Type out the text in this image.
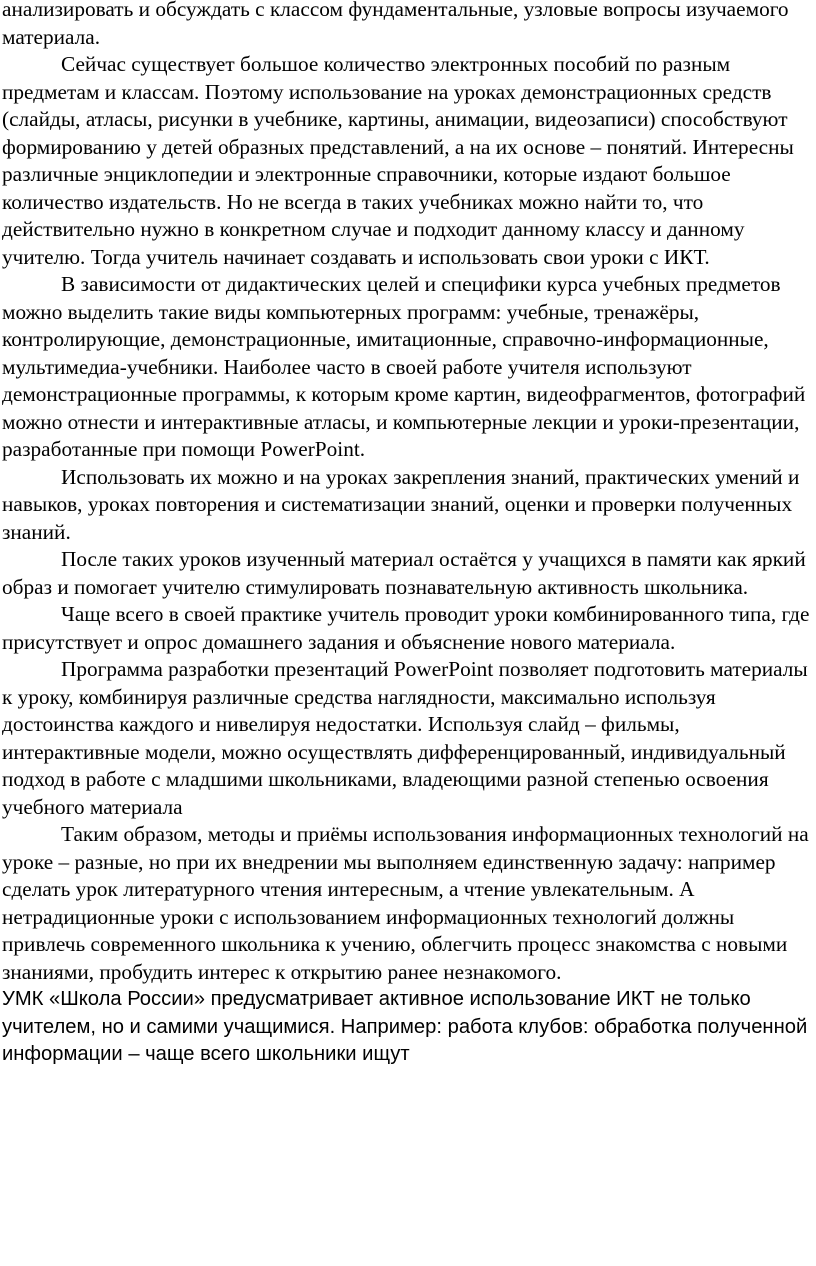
анализировать и обсуждать с классом фундаментальные, узловые вопросы изучаемого материала.

Сейчас существует большое количество электронных пособий по разным предметам и классам. Поэтому использование на уроках демонстрационных средств (слайды, атласы, рисунки в учебнике, картины, анимации, видеозаписи) способствуют формированию у детей образных представлений, а на их основе – понятий. Интересны различные энциклопедии и электронные справочники, которые издают большое количество издательств. Но не всегда в таких учебниках можно найти то, что действительно нужно в конкретном случае и подходит данному классу и данному учителю. Тогда учитель начинает создавать и использовать свои уроки с ИКТ.

В зависимости от дидактических целей и специфики курса учебных предметов можно выделить такие виды компьютерных программ: учебные, тренажёры, контролирующие, демонстрационные, имитационные, справочно-информационные, мультимедиа-учебники. Наиболее часто в своей работе учителя используют демонстрационные программы, к которым кроме картин, видеофрагментов, фотографий можно отнести и интерактивные атласы, и компьютерные лекции и уроки-презентации, разработанные при помощи PowerPoint.

Использовать их можно и на уроках закрепления знаний, практических умений и навыков, уроках повторения и систематизации знаний, оценки и проверки полученных знаний.

После таких уроков изученный материал остаётся у учащихся в памяти как яркий образ и помогает учителю стимулировать познавательную активность школьника.

Чаще всего в своей практике учитель проводит уроки комбинированного типа, где присутствует и опрос домашнего задания и объяснение нового материала.

Программа разработки презентаций PowerPoint позволяет подготовить материалы к уроку, комбинируя различные средства наглядности, максимально используя достоинства каждого и нивелируя недостатки. Используя слайд – фильмы, интерактивные модели, можно осуществлять дифференцированный, индивидуальный подход в работе с младшими школьниками, владеющими разной степенью освоения учебного материала

Таким образом, методы и приёмы использования информационных технологий на уроке – разные, но при их внедрении мы выполняем единственную задачу: например сделать урок литературного чтения интересным, а чтение увлекательным. А нетрадиционные уроки с использованием информационных технологий должны привлечь современного школьника к учению, облегчить процесс знакомства с новыми знаниями, пробудить интерес к открытию ранее незнакомого.

УМК «Школа России» предусматривает активное использование ИКТ не только учителем, но и самими учащимися. Например: работа клубов: обработка полученной информации – чаще всего школьники ищут
